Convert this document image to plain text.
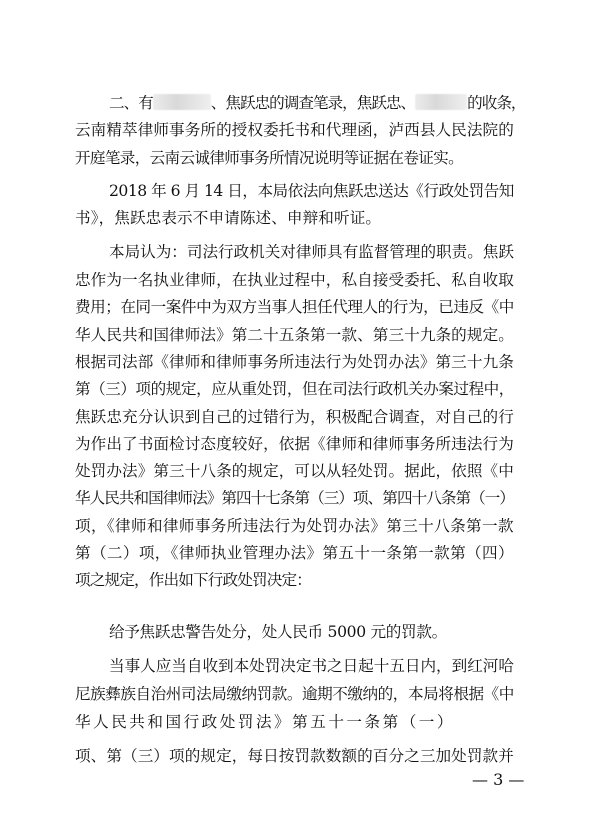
二、有	、焦跃忠的调查笔录，焦跃忠、	的收条，
云南精萃律师事务所的授权委托书和代理函，泸西县人民法院的
开庭笔录，云南云诚律师事务所情况说明等证据在卷证实。
2018 年 6 月 14 日，本局依法向焦跃忠送达《行政处罚告知
书》，焦跃忠表示不申请陈述、申辩和听证。
本局认为：司法行政机关对律师具有监督管理的职责。焦跃
忠作为一名执业律师，在执业过程中，私自接受委托、私自收取
费用；在同一案件中为双方当事人担任代理人的行为，已违反《中
华人民共和国律师法》第二十五条第一款、第三十九条的规定。
根据司法部《律师和律师事务所违法行为处罚办法》第三十九条
第（三）项的规定，应从重处罚，但在司法行政机关办案过程中，
焦跃忠充分认识到自己的过错行为，积极配合调查，对自己的行
为作出了书面检讨态度较好，依据《律师和律师事务所违法行为
处罚办法》第三十八条的规定，可以从轻处罚。据此，依照《中
华人民共和国律师法》第四十七条第（三）项、第四十八条第（一）
项，《律师和律师事务所违法行为处罚办法》第三十八条第一款
第（二）项，《律师执业管理办法》第五十一条第一款第（四）
项之规定，作出如下行政处罚决定：
给予焦跃忠警告处分，处人民币 5000 元的罚款。
当事人应当自收到本处罚决定书之日起十五日内，到红河哈
尼族彝族自治州司法局缴纳罚款。逾期不缴纳的，本局将根据《中
华人民共和国行政处罚法》第五十一条第（一）
项、第（三）项的规定，每日按罚款数额的百分之三加处罚款并
— 3 —
